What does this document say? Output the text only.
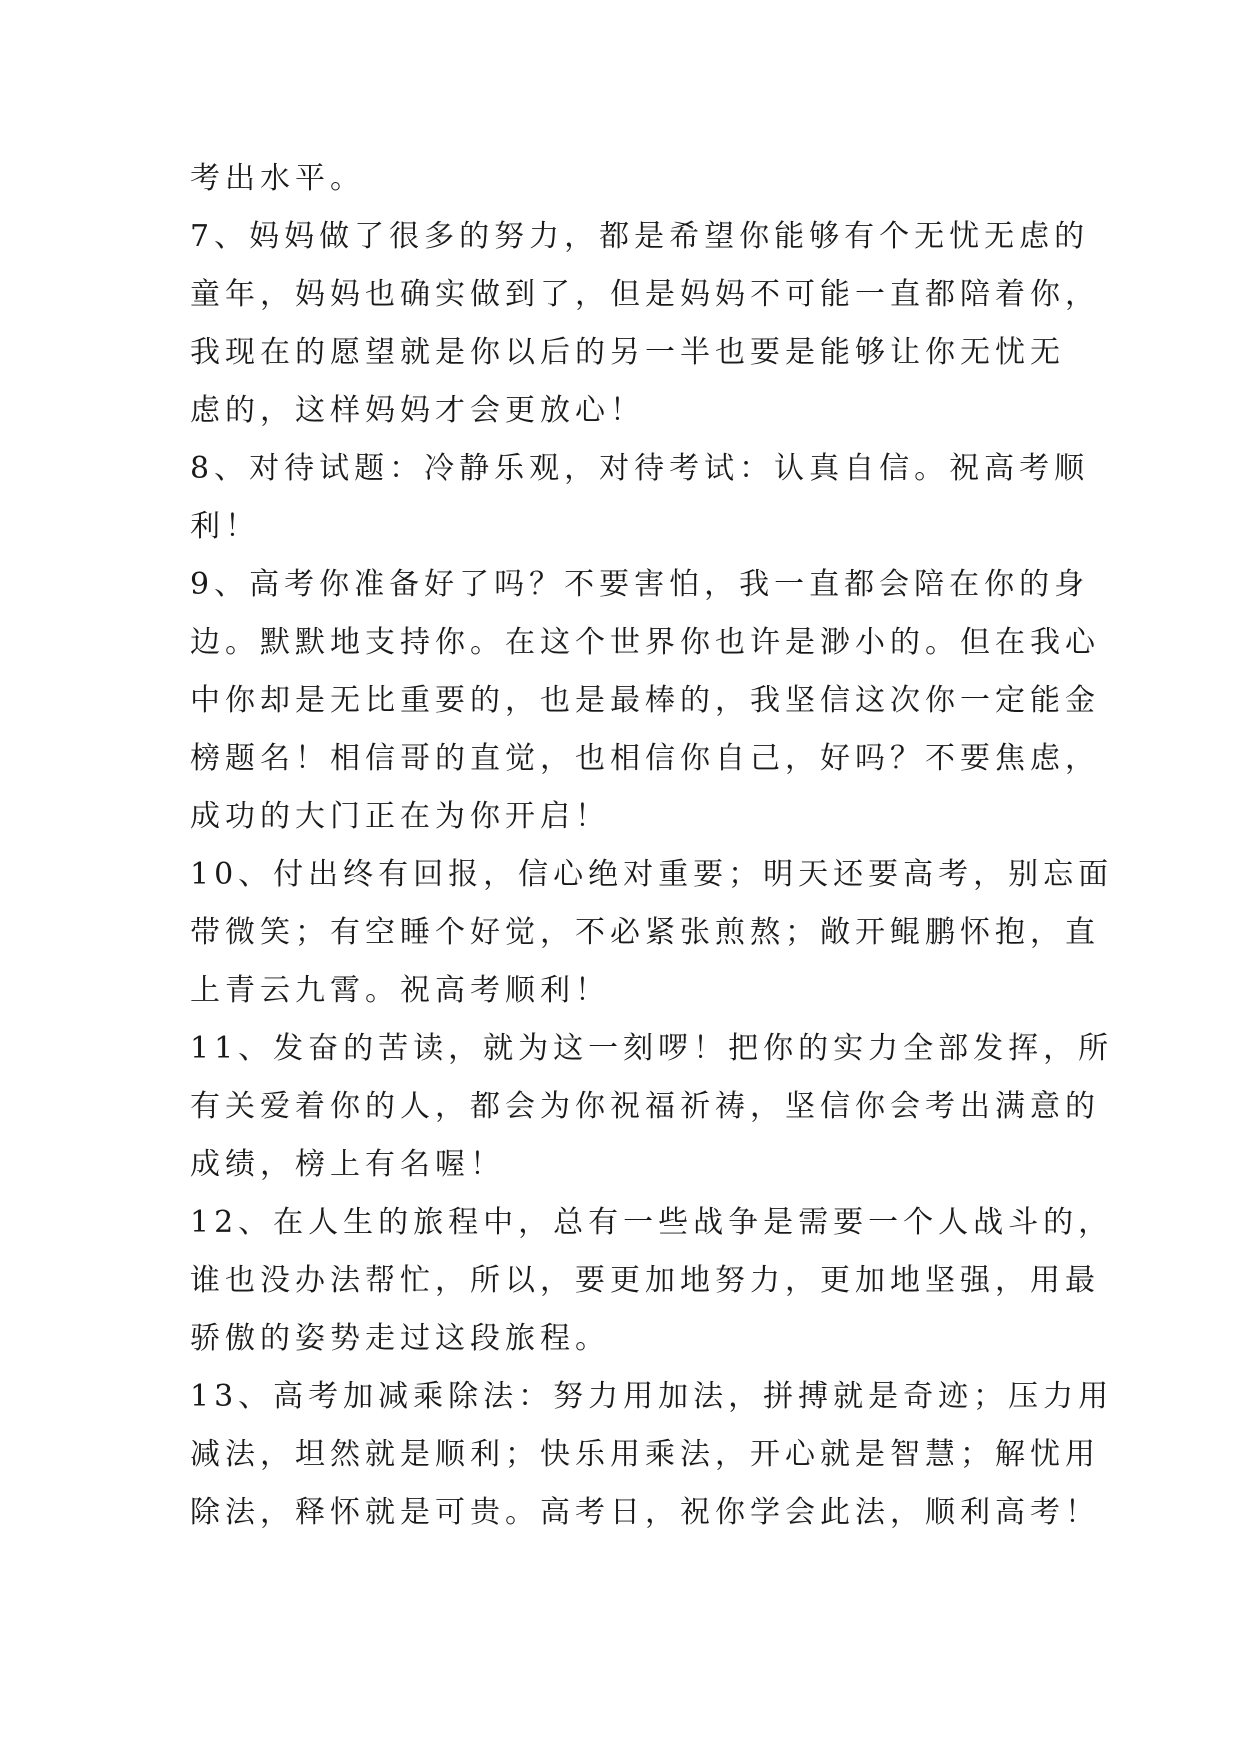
考出水平。
7、妈妈做了很多的努力，都是希望你能够有个无忧无虑的
童年，妈妈也确实做到了，但是妈妈不可能一直都陪着你，
我现在的愿望就是你以后的另一半也要是能够让你无忧无
虑的，这样妈妈才会更放心！
8、对待试题：冷静乐观，对待考试：认真自信。祝高考顺
利！
9、高考你准备好了吗？不要害怕，我一直都会陪在你的身
边。默默地支持你。在这个世界你也许是渺小的。但在我心
中你却是无比重要的，也是最棒的，我坚信这次你一定能金
榜题名！相信哥的直觉，也相信你自己，好吗？不要焦虑，
成功的大门正在为你开启！
10、付出终有回报，信心绝对重要；明天还要高考，别忘面
带微笑；有空睡个好觉，不必紧张煎熬；敞开鲲鹏怀抱，直
上青云九霄。祝高考顺利！
11、发奋的苦读，就为这一刻啰！把你的实力全部发挥，所
有关爱着你的人，都会为你祝福祈祷，坚信你会考出满意的
成绩，榜上有名喔！
12、在人生的旅程中，总有一些战争是需要一个人战斗的，
谁也没办法帮忙，所以，要更加地努力，更加地坚强，用最
骄傲的姿势走过这段旅程。
13、高考加减乘除法：努力用加法，拼搏就是奇迹；压力用
减法，坦然就是顺利；快乐用乘法，开心就是智慧；解忧用
除法，释怀就是可贵。高考日，祝你学会此法，顺利高考！
